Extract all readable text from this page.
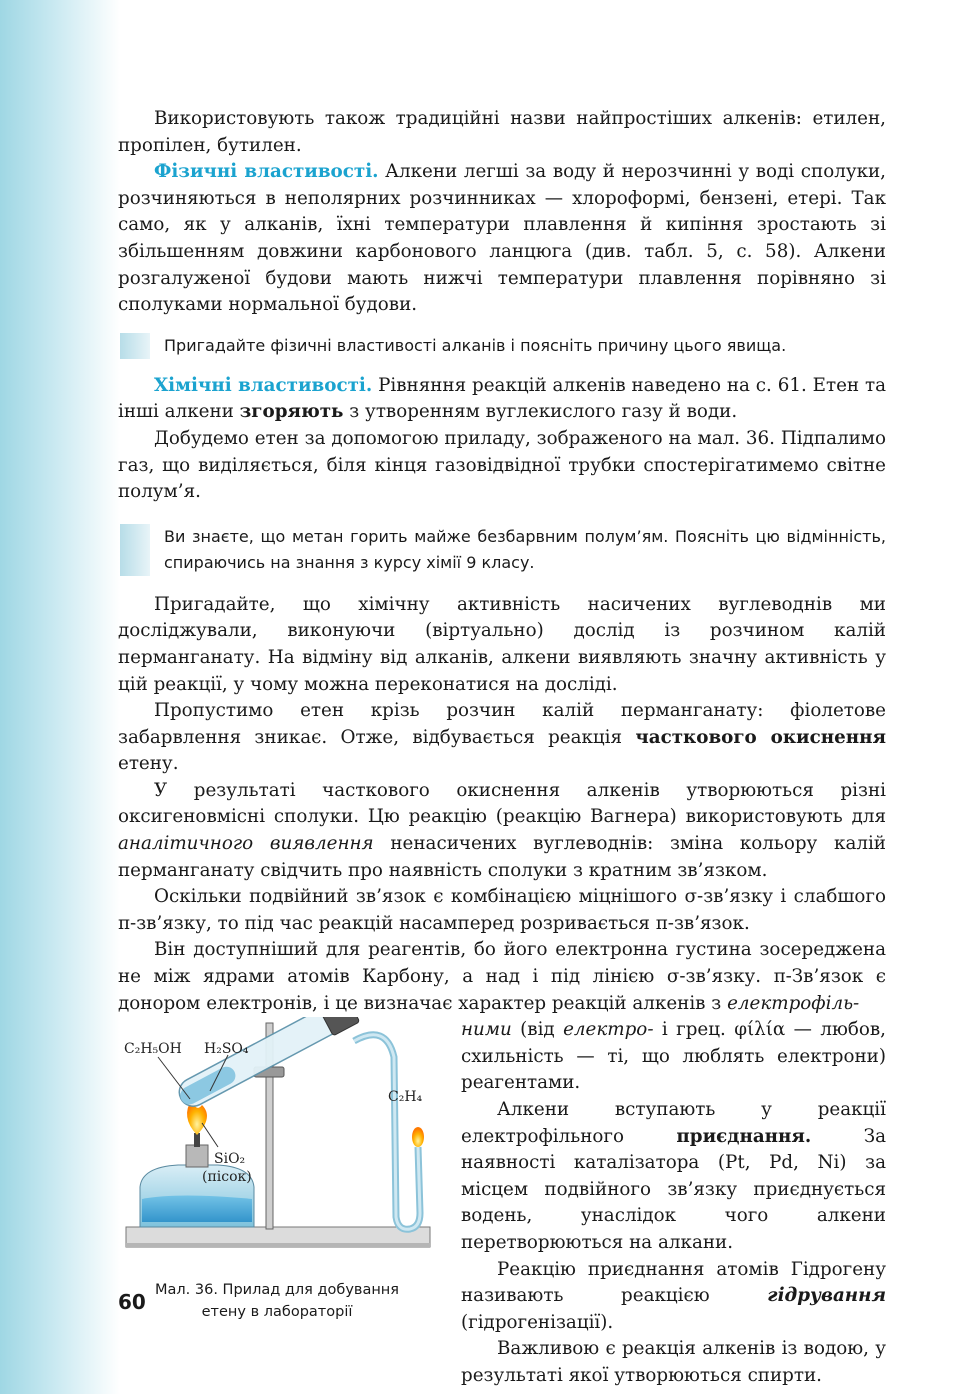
Використовують також традиційні назви найпростіших алкенів: етилен, пропілен, бутилен.

Фізичні властивості. Алкени легші за воду й нерозчинні у воді сполуки, розчиняються в неполярних розчинниках — хлороформі, бензені, етері. Так само, як у алканів, їхні температури плавлення й кипіння зростають зі збільшенням довжини карбонового ланцюга (див. табл. 5, с. 58). Алкени розгалуженої будови мають нижчі температури плавлення порівняно зі сполуками нормальної будови.

Пригадайте фізичні властивості алканів і поясніть причину цього явища.

Хімічні властивості. Рівняння реакцій алкенів наведено на с. 61. Етен та інші алкени згоряють з утворенням вуглекислого газу й води.

Добудемо етен за допомогою приладу, зображеного на мал. 36. Підпалимо газ, що виділяється, біля кінця газовідвідної трубки спостерігатимемо світне полум’я.

Ви знаєте, що метан горить майже безбарвним полум’ям. Поясніть цю відмінність, спираючись на знання з курсу хімії 9 класу.

Пригадайте, що хімічну активність насичених вуглеводнів ми досліджували, виконуючи (віртуально) дослід із розчином калій перманганату. На відміну від алканів, алкени виявляють значну активність у цій реакції, у чому можна переконатися на досліді.

Пропустимо етен крізь розчин калій перманганату: фіолетове забарвлення зникає. Отже, відбувається реакція часткового окиснення етену.

У результаті часткового окиснення алкенів утворюються різні оксигеновмісні сполуки. Цю реакцію (реакцію Вагнера) використовують для аналітичного виявлення ненасичених вуглеводнів: зміна кольору калій перманганату свідчить про наявність сполуки з кратним зв’язком.

Оскільки подвійний зв’язок є комбінацією міцнішого σ-зв’язку і слабшого π-зв’язку, то під час реакцій насамперед розривається π-зв’язок.

Він доступніший для реагентів, бо його електронна густина зосереджена не між ядрами атомів Карбону, а над і під лінією σ-зв’язку. π-Зв’язок є донором електронів, і це визначає характер реакцій алкенів з електрофіль-

C₂H₅OH H₂SO₄
C₂H₄
SiO₂
(пісок)
Мал. 36. Прилад для добування
етену в лабораторії

ними (від електро- і грец. φίλία — любов, схильність — ті, що люблять електрони) реагентами.

Алкени вступають у реакції електрофільного приєднання. За наявності каталізатора (Pt, Pd, Ni) за місцем подвійного зв’язку приєднується водень, унаслідок чого алкени перетворюються на алкани.

Реакцію приєднання атомів Гідрогену називають реакцією гідрування (гідрогенізації).

Важливою є реакція алкенів із водою, у результаті якої утворюються спирти.

60
